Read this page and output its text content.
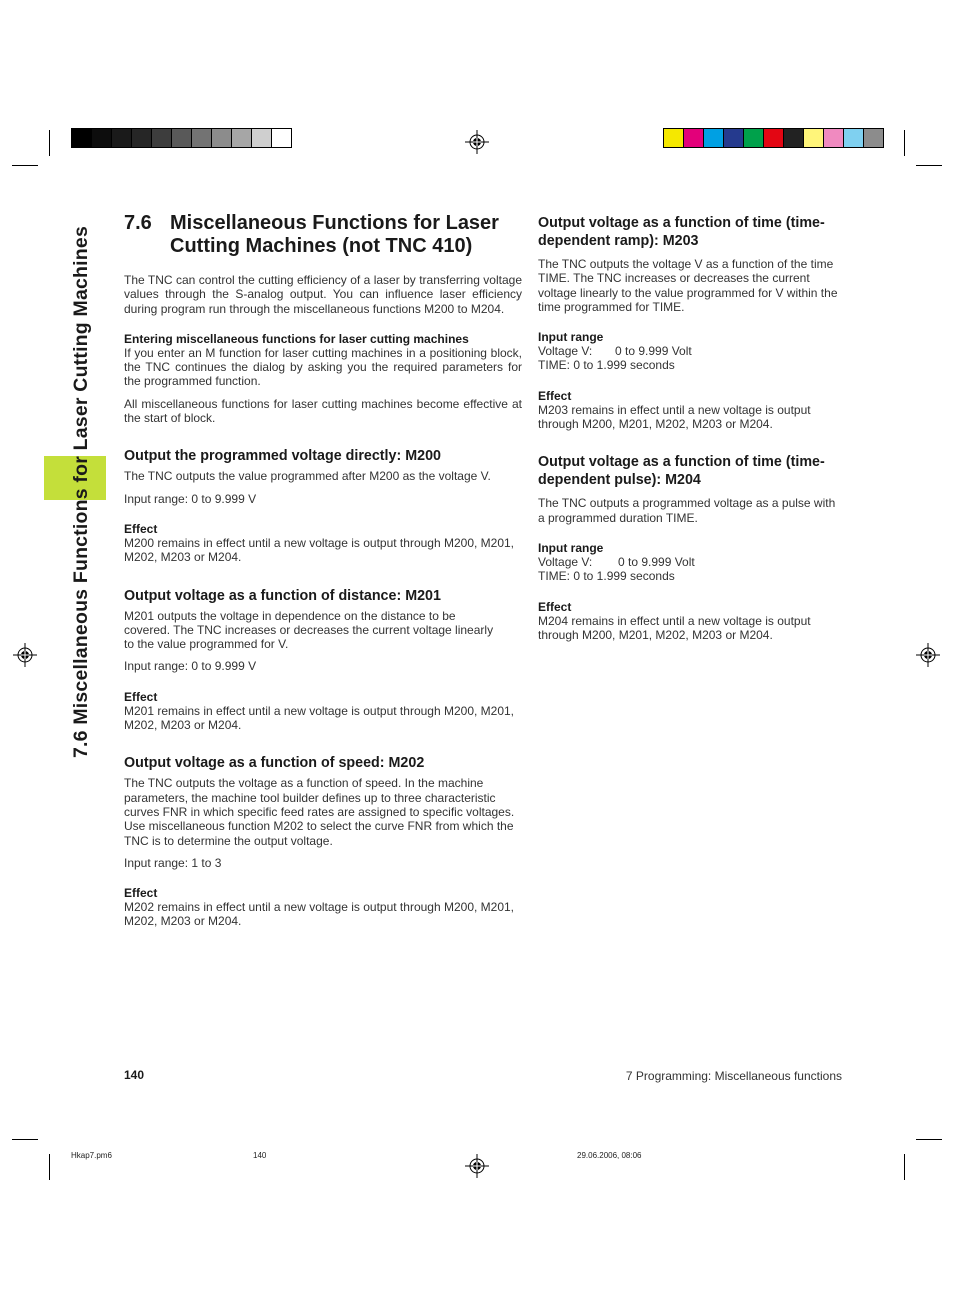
7.6 Miscellaneous Functions for Laser Cutting Machines
7.6 Miscellaneous Functions for Laser Cutting Machines (not TNC 410)

The TNC can control the cutting efficiency of a laser by transferring voltage values through the S-analog output. You can influence laser efficiency during program run through the miscellaneous functions M200 to M204.

Entering miscellaneous functions for laser cutting machines

If you enter an M function for laser cutting machines in a positioning block, the TNC continues the dialog by asking you the required parameters for the programmed function.

All miscellaneous functions for laser cutting machines become effective at the start of block.

Output the programmed voltage directly: M200

The TNC outputs the value programmed after M200 as the voltage V.

Input range: 0 to 9.999 V

Effect

M200 remains in effect until a new voltage is output through M200, M201, M202, M203 or M204.

Output voltage as a function of distance: M201

M201 outputs the voltage in dependence on the distance to be covered. The TNC increases or decreases the current voltage linearly to the value programmed for V.

Input range: 0 to 9.999 V

Effect

M201 remains in effect until a new voltage is output through M200, M201, M202, M203 or M204.

Output voltage as a function of speed: M202

The TNC outputs the voltage as a function of speed. In the machine parameters, the machine tool builder defines up to three characteristic curves FNR in which specific feed rates are assigned to specific voltages. Use miscellaneous function M202 to select the curve FNR from which the TNC is to determine the output voltage.

Input range: 1 to 3

Effect

M202 remains in effect until a new voltage is output through M200, M201, M202, M203 or M204.

Output voltage as a function of time (time-dependent ramp): M203

The TNC outputs the voltage V as a function of the time TIME. The TNC increases or decreases the current voltage linearly to the value programmed for V within the time programmed for TIME.

Input range

Voltage V: 0 to 9.999 Volt

TIME: 0 to 1.999 seconds

Effect

M203 remains in effect until a new voltage is output through M200, M201, M202, M203 or M204.

Output voltage as a function of time (time-dependent pulse): M204

The TNC outputs a programmed voltage as a pulse with a programmed duration TIME.

Input range

Voltage V: 0 to 9.999 Volt

TIME: 0 to 1.999 seconds

Effect

M204 remains in effect until a new voltage is output through M200, M201, M202, M203 or M204.

140	7 Programming: Miscellaneous functions
Hkap7.pm6	140	29.06.2006, 08:06
